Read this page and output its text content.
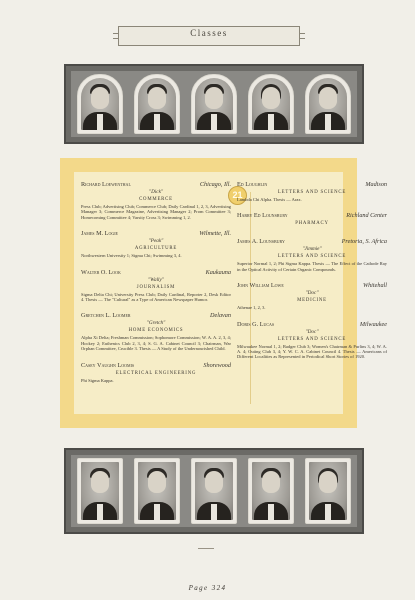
Classes
21
Richard Loewenthal	Chicago, Ill.
"Dick"
COMMERCE
Press Club; Advertising Club; Commerce Club; Daily Cardinal 1, 2, 3, Advertising Manager 3; Commerce Magazine, Advertising Manager 2; Prom Committee 3; Homecoming Committee 4; Varsity Cross 3; Swimming 1, 2.
James M. Logie	Wilmette, Ill.
"Peak"
AGRICULTURE
Northwestern University 1; Sigma Chi; Swimming 3, 4.
Walter O. Look	Kaukauna
"Wally"
JOURNALISM
Sigma Delta Chi; University Press Club; Daily Cardinal, Reporter 2, Desk Editor 4. Thesis — The "Cultural" as a Type of American Newspaper Humor.
Gretchen L. Loomer	Delavan
"Gretch"
HOME ECONOMICS
Alpha Xi Delta; Freshman Commission; Sophomore Commission; W. A. A. 2, 3, 4; Hockey 2; Euthenics Club 2, 3, 4; S. G. A. Cabinet Council 3; Chairman, War Orphan Committee, Crucible 3. Thesis — A Study of the Undernourished Child.
Casey Vaughn Loomis	Shorewood
ELECTRICAL ENGINEERING
Phi Sigma Kappa.
Ed Loughlin	Madison
LETTERS AND SCIENCE
Lambda Chi Alpha. Thesis — Arax.
Harry Ed Lounsbury	Richland Center
PHARMACY
James A. Lounsbury	Pretoria, S. Africa
"Jimmie"
LETTERS AND SCIENCE
Superior Normal 1, 2; Phi Sigma Kappa. Thesis — The Effect of the Cathode Ray in the Optical Activity of Certain Organic Compounds.
John William Lowe	Whitehall
"Doc"
MEDICINE
Athenae 1, 2, 3.
Doris G. Lucas	Milwaukee
"Doc"
LETTERS AND SCIENCE
Milwaukee Normal 1, 2; Badger Club 3; Women's Chairman & Purlins 3, 4; W. A. A. 4; Outing Club 3, 4; Y. W. C. A. Cabinet Council 4. Thesis — Americans of Different Localities as Represented in Periodical Short Stories of 1920.
Page 324
